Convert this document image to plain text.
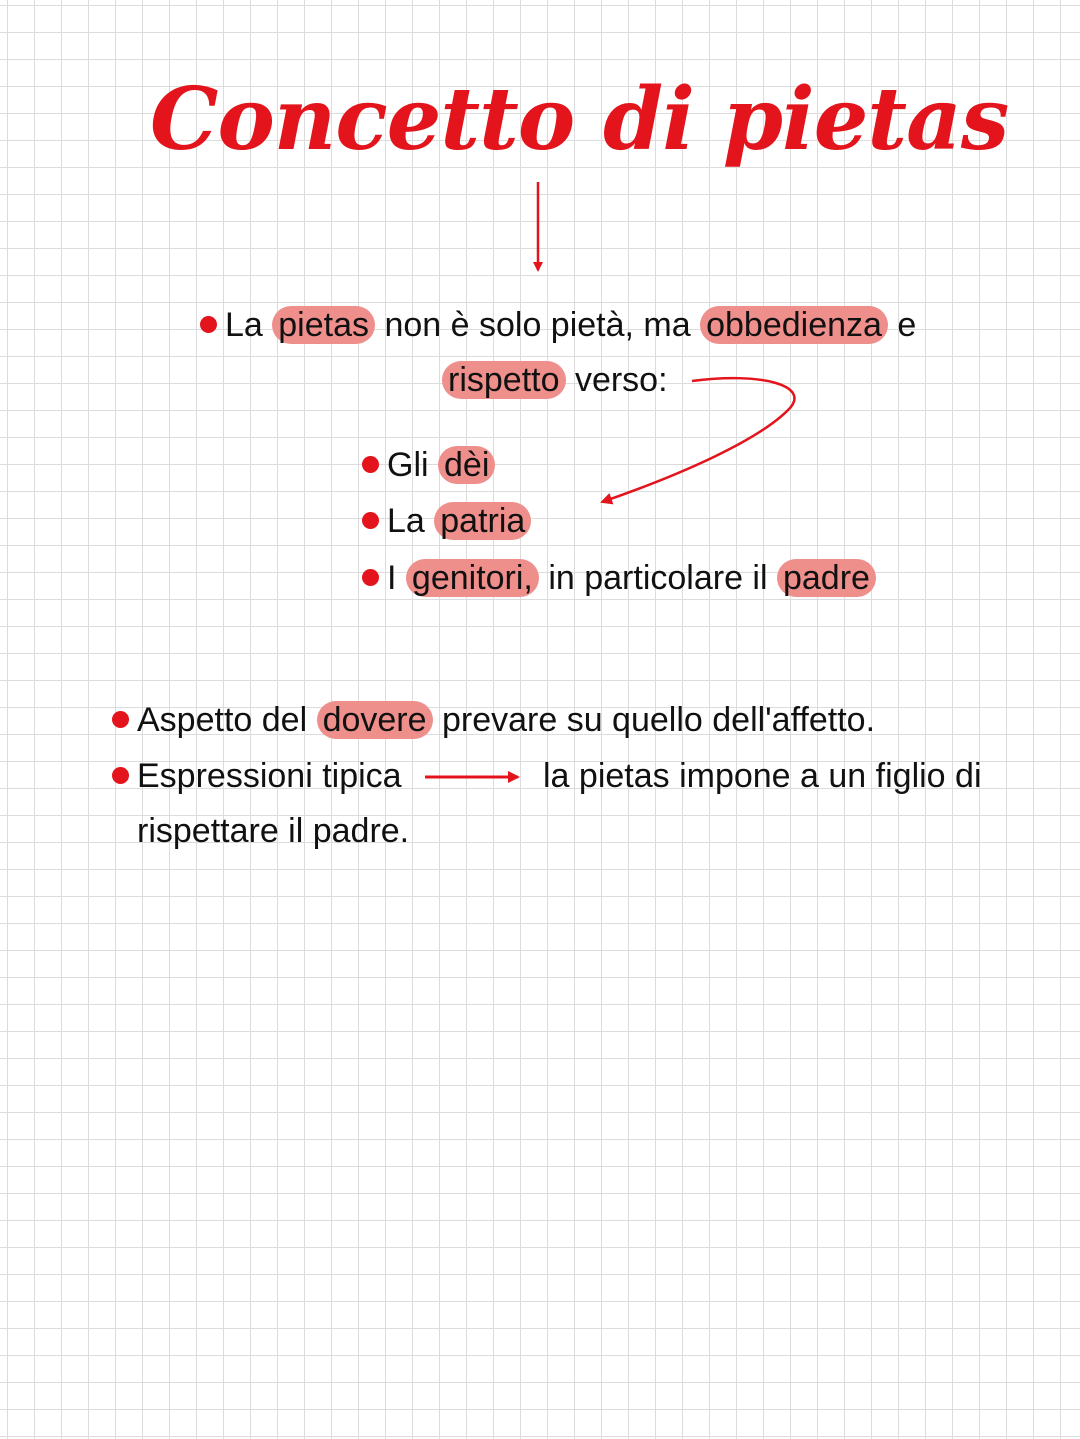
Concetto di pietas
La pietas non è solo pietà, ma obbedienza e
rispetto verso:
Gli dèi
La patria
I genitori, in particolare il padre
Aspetto del dovere prevare su quello dell'affetto.
Espressioni tipica	la pietas impone a un figlio di
rispettare il padre.
